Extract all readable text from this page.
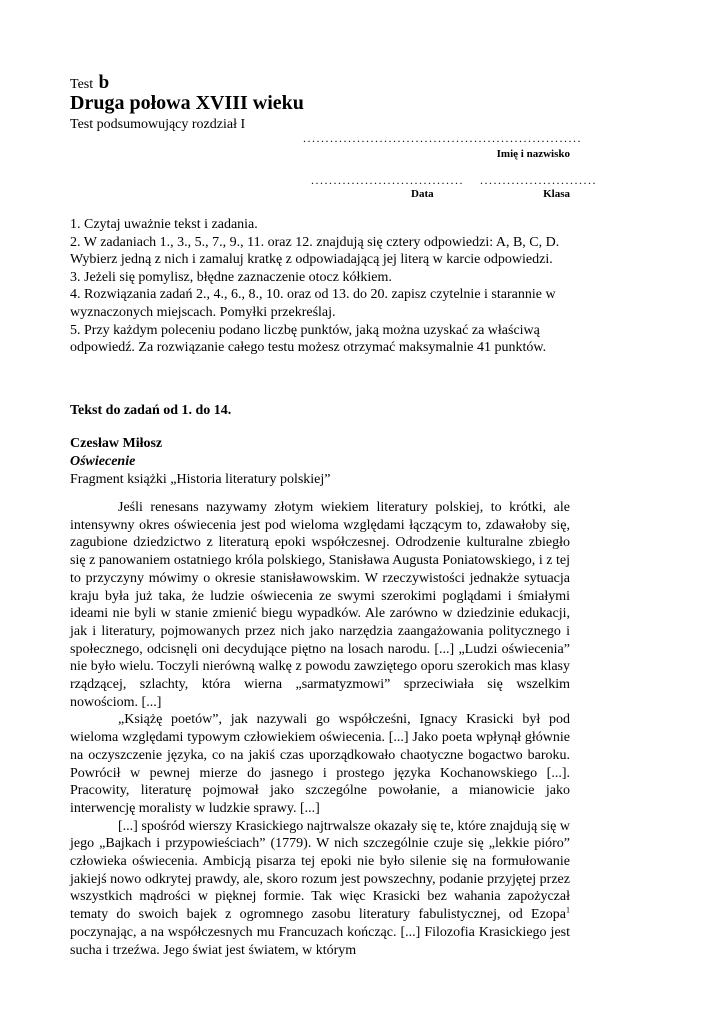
Test b
Druga połowa XVIII wieku
Test podsumowujący rozdział I
..............................................................
Imię i nazwisko
..................................
Data
..........................
Klasa

1. Czytaj uważnie tekst i zadania.

2. W zadaniach 1., 3., 5., 7., 9., 11. oraz 12. znajdują się cztery odpowiedzi: A, B, C, D. Wybierz jedną z nich i zamaluj kratkę z odpowiadającą jej literą w karcie odpowiedzi.

3. Jeżeli się pomylisz, błędne zaznaczenie otocz kółkiem.

4. Rozwiązania zadań 2., 4., 6., 8., 10. oraz od 13. do 20. zapisz czytelnie i starannie w wyznaczonych miejscach. Pomyłki przekreślaj.

5. Przy każdym poleceniu podano liczbę punktów, jaką można uzyskać za właściwą odpowiedź. Za rozwiązanie całego testu możesz otrzymać maksymalnie 41 punktów.

Tekst do zadań od 1. do 14.
Czesław Miłosz
Oświecenie
Fragment książki „Historia literatury polskiej”

Jeśli renesans nazywamy złotym wiekiem literatury polskiej, to krótki, ale intensywny okres oświecenia jest pod wieloma względami łączącym to, zdawałoby się, zagubione dziedzictwo z literaturą epoki współczesnej. Odrodzenie kulturalne zbiegło się z panowaniem ostatniego króla polskiego, Stanisława Augusta Poniatowskiego, i z tej to przyczyny mówimy o okresie stanisławowskim. W rzeczywistości jednakże sytuacja kraju była już taka, że ludzie oświecenia ze swymi szerokimi poglądami i śmiałymi ideami nie byli w stanie zmienić biegu wypadków. Ale zarówno w dziedzinie edukacji, jak i literatury, pojmowanych przez nich jako narzędzia zaangażowania politycznego i społecznego, odcisnęli oni decydujące piętno na losach narodu. [...] „Ludzi oświecenia” nie było wielu. Toczyli nierówną walkę z powodu zawziętego oporu szerokich mas klasy rządzącej, szlachty, która wierna „sarmatyzmowi” sprzeciwiała się wszelkim nowościom. [...]

„Książę poetów”, jak nazywali go współcześni, Ignacy Krasicki był pod wieloma względami typowym człowiekiem oświecenia. [...] Jako poeta wpłynął głównie na oczyszczenie języka, co na jakiś czas uporządkowało chaotyczne bogactwo baroku. Powrócił w pewnej mierze do jasnego i prostego języka Kochanowskiego [...]. Pracowity, literaturę pojmował jako szczególne powołanie, a mianowicie jako interwencję moralisty w ludzkie sprawy. [...]

[...] spośród wierszy Krasickiego najtrwalsze okazały się te, które znajdują się w jego „Bajkach i przypowieściach” (1779). W nich szczególnie czuje się „lekkie pióro” człowieka oświecenia. Ambicją pisarza tej epoki nie było silenie się na formułowanie jakiejś nowo odkrytej prawdy, ale, skoro rozum jest powszechny, podanie przyjętej przez wszystkich mądrości w pięknej formie. Tak więc Krasicki bez wahania zapożyczał tematy do swoich bajek z ogromnego zasobu literatury fabulistycznej, od Ezopa$^1$ poczynając, a na współczesnych mu Francuzach kończąc. [...] Filozofia Krasickiego jest sucha i trzeźwa. Jego świat jest światem, w którym
